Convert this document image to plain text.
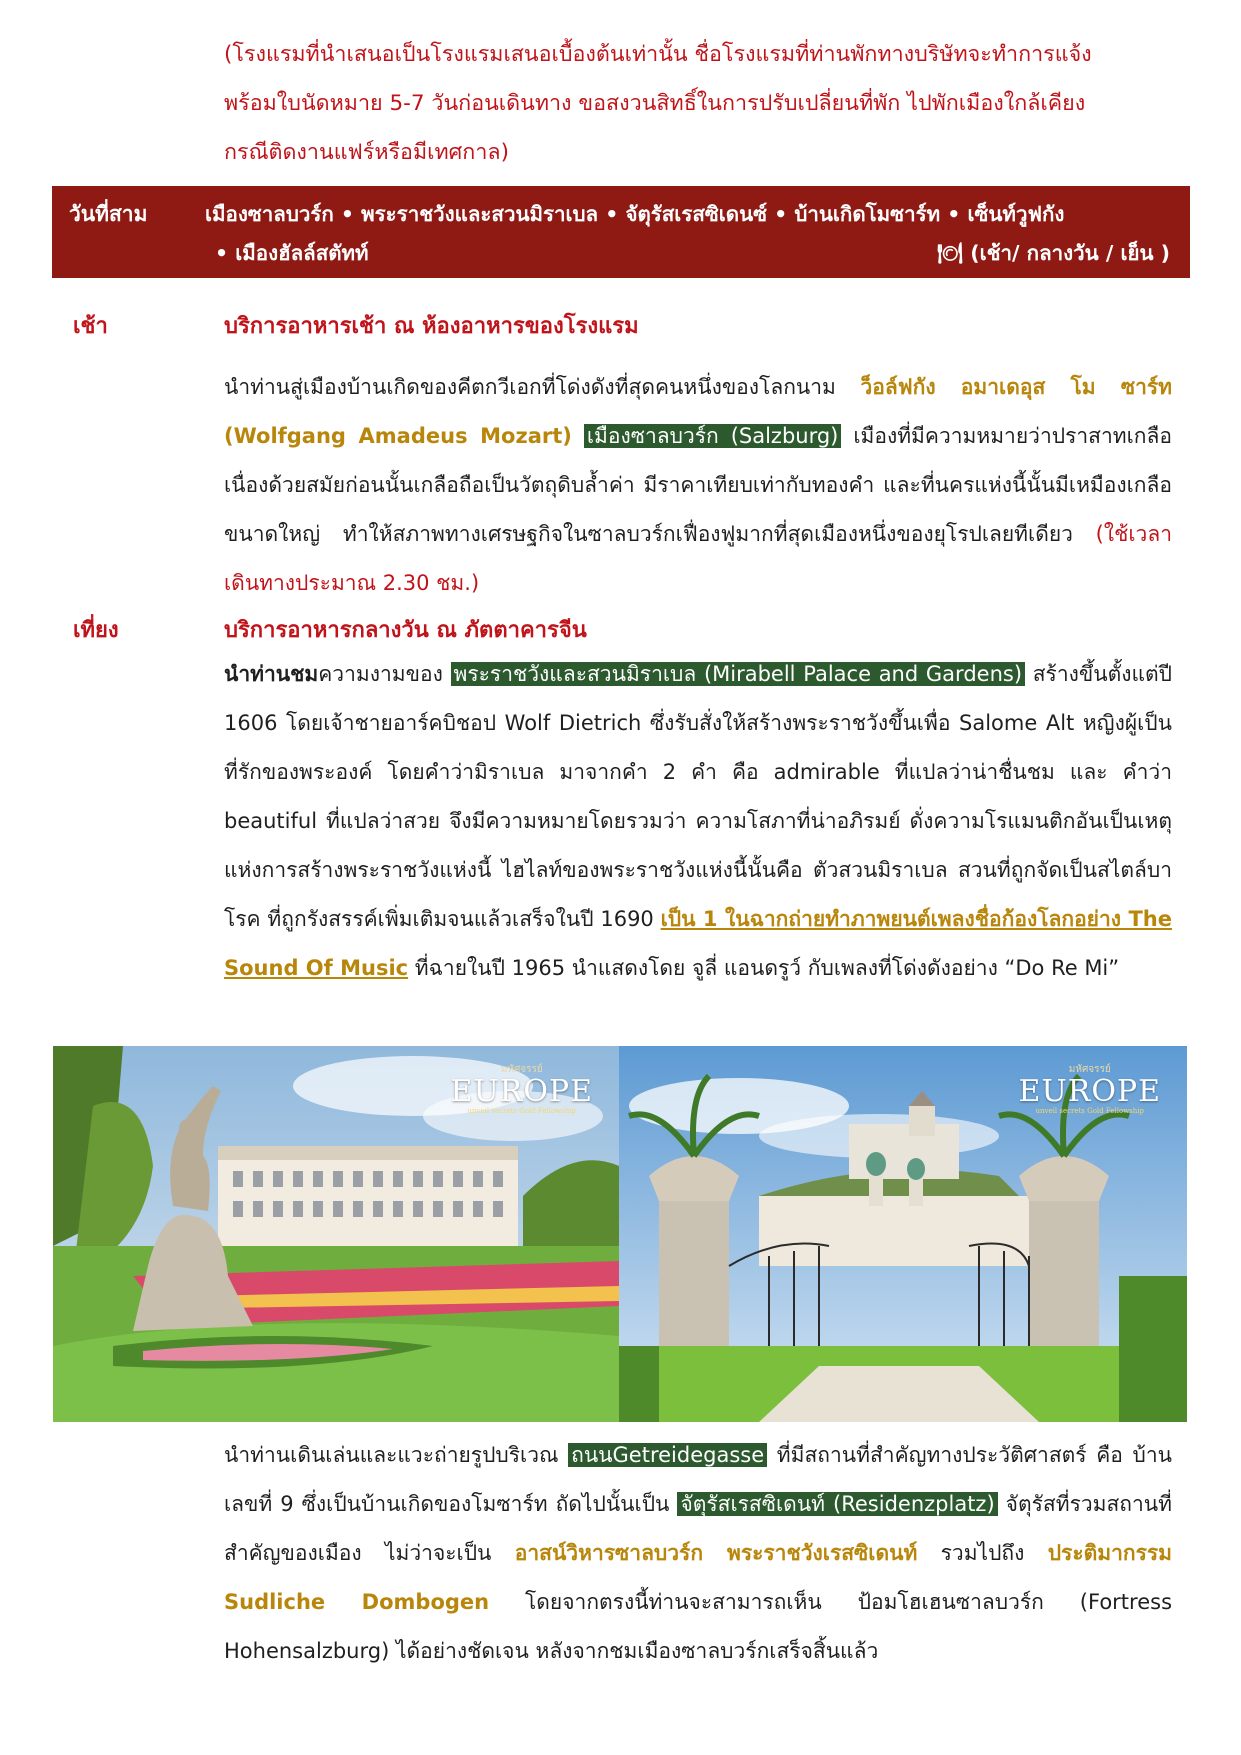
(โรงแรมที่นำเสนอเป็นโรงแรมเสนอเบื้องต้นเท่านั้น ชื่อโรงแรมที่ท่านพักทางบริษัทจะทำการแจ้ง
พร้อมใบนัดหมาย 5-7 วันก่อนเดินทาง ขอสงวนสิทธิ์ในการปรับเปลี่ยนที่พัก ไปพักเมืองใกล้เคียง
กรณีติดงานแฟร์หรือมีเทศกาล)
วันที่สาม	เมืองซาลบวร์ก • พระราชวังและสวนมิราเบล • จัตุรัสเรสซิเดนซ์ • บ้านเกิดโมซาร์ท • เซ็นท์วูฟกัง
• เมืองฮัลล์สตัทท์	🍽 (เช้า/ กลางวัน / เย็น )
เช้า	บริการอาหารเช้า ณ ห้องอาหารของโรงแรม
นำท่านสู่เมืองบ้านเกิดของคีตกวีเอกที่โด่งดังที่สุดคนหนึ่งของโลกนาม ว็อล์ฟกัง อมาเดอุส โม ซาร์ท (Wolfgang Amadeus Mozart) เมืองซาลบวร์ก (Salzburg) เมืองที่มีความหมายว่าปราสาทเกลือ เนื่องด้วยสมัยก่อนนั้นเกลือถือเป็นวัตถุดิบล้ำค่า มีราคาเทียบเท่ากับทองคำ และที่นครแห่งนี้นั้นมีเหมืองเกลือขนาดใหญ่ ทำให้สภาพทางเศรษฐกิจในซาลบวร์กเฟื่องฟูมากที่สุดเมืองหนึ่งของยุโรปเลยทีเดียว (ใช้เวลาเดินทางประมาณ 2.30 ชม.)
เที่ยง	บริการอาหารกลางวัน ณ ภัตตาคารจีน
นำท่านชมความงามของ พระราชวังและสวนมิราเบล (Mirabell Palace and Gardens) สร้างขึ้นตั้งแต่ปี 1606 โดยเจ้าชายอาร์คบิชอป Wolf Dietrich ซึ่งรับสั่งให้สร้างพระราชวังขึ้นเพื่อ Salome Alt หญิงผู้เป็นที่รักของพระองค์ โดยคำว่ามิราเบล มาจากคำ 2 คำ คือ admirable ที่แปลว่าน่าชื่นชม และ คำว่า beautiful ที่แปลว่าสวย จึงมีความหมายโดยรวมว่า ความโสภาที่น่าอภิรมย์ ดั่งความโรแมนติกอันเป็นเหตุแห่งการสร้างพระราชวังแห่งนี้ ไฮไลท์ของพระราชวังแห่งนี้นั้นคือ ตัวสวนมิราเบล สวนที่ถูกจัดเป็นสไตล์บาโรค ที่ถูกรังสรรค์เพิ่มเติมจนแล้วเสร็จในปี 1690 เป็น 1 ในฉากถ่ายทำภาพยนต์เพลงชื่อก้องโลกอย่าง The Sound Of Music ที่ฉายในปี 1965 นำแสดงโดย จูลี่ แอนดรูว์ กับเพลงที่โด่งดังอย่าง “Do Re Mi”
มหัศจรรย์
EUROPE
unveil secrets Gold Fellowship
มหัศจรรย์
EUROPE
unveil secrets Gold Fellowship
นำท่านเดินเล่นและแวะถ่ายรูปบริเวณ ถนนGetreidegasse ที่มีสถานที่สำคัญทางประวัติศาสตร์ คือ บ้านเลขที่ 9 ซึ่งเป็นบ้านเกิดของโมซาร์ท ถัดไปนั้นเป็น จัตุรัสเรสซิเดนท์ (Residenzplatz) จัตุรัสที่รวมสถานที่สำคัญของเมือง ไม่ว่าจะเป็น อาสน์วิหารซาลบวร์ก พระราชวังเรสซิเดนท์ รวมไปถึง ประติมากรรม Sudliche Dombogen โดยจากตรงนี้ท่านจะสามารถเห็น ป้อมโฮเฮนซาลบวร์ก (Fortress Hohensalzburg) ได้อย่างชัดเจน หลังจากชมเมืองซาลบวร์กเสร็จสิ้นแล้ว
